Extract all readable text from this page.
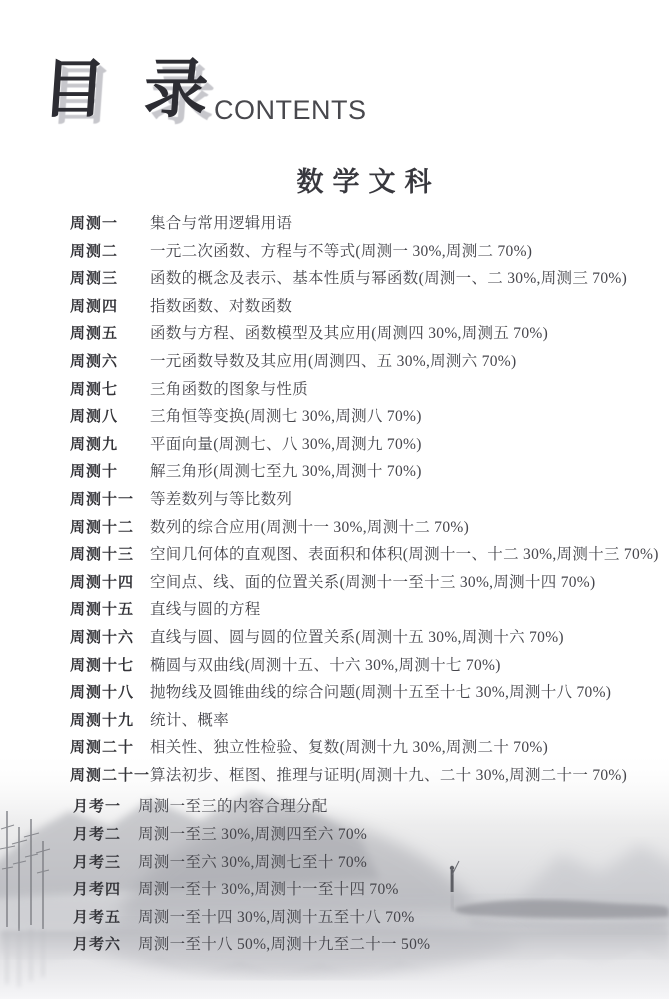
目 录CONTENTS
数学文科
周测一	集合与常用逻辑用语
周测二	一元二次函数、方程与不等式(周测一 30%,周测二 70%)
周测三	函数的概念及表示、基本性质与幂函数(周测一、二 30%,周测三 70%)
周测四	指数函数、对数函数
周测五	函数与方程、函数模型及其应用(周测四 30%,周测五 70%)
周测六	一元函数导数及其应用(周测四、五 30%,周测六 70%)
周测七	三角函数的图象与性质
周测八	三角恒等变换(周测七 30%,周测八 70%)
周测九	平面向量(周测七、八 30%,周测九 70%)
周测十	解三角形(周测七至九 30%,周测十 70%)
周测十一	等差数列与等比数列
周测十二	数列的综合应用(周测十一 30%,周测十二 70%)
周测十三	空间几何体的直观图、表面积和体积(周测十一、十二 30%,周测十三 70%)
周测十四	空间点、线、面的位置关系(周测十一至十三 30%,周测十四 70%)
周测十五	直线与圆的方程
周测十六	直线与圆、圆与圆的位置关系(周测十五 30%,周测十六 70%)
周测十七	椭圆与双曲线(周测十五、十六 30%,周测十七 70%)
周测十八	抛物线及圆锥曲线的综合问题(周测十五至十七 30%,周测十八 70%)
周测十九	统计、概率
周测二十	相关性、独立性检验、复数(周测十九 30%,周测二十 70%)
周测二十一 算法初步、框图、推理与证明(周测十九、二十 30%,周测二十一 70%)
月考一	周测一至三的内容合理分配
月考二	周测一至三 30%,周测四至六 70%
月考三	周测一至六 30%,周测七至十 70%
月考四	周测一至十 30%,周测十一至十四 70%
月考五	周测一至十四 30%,周测十五至十八 70%
月考六	周测一至十八 50%,周测十九至二十一 50%
